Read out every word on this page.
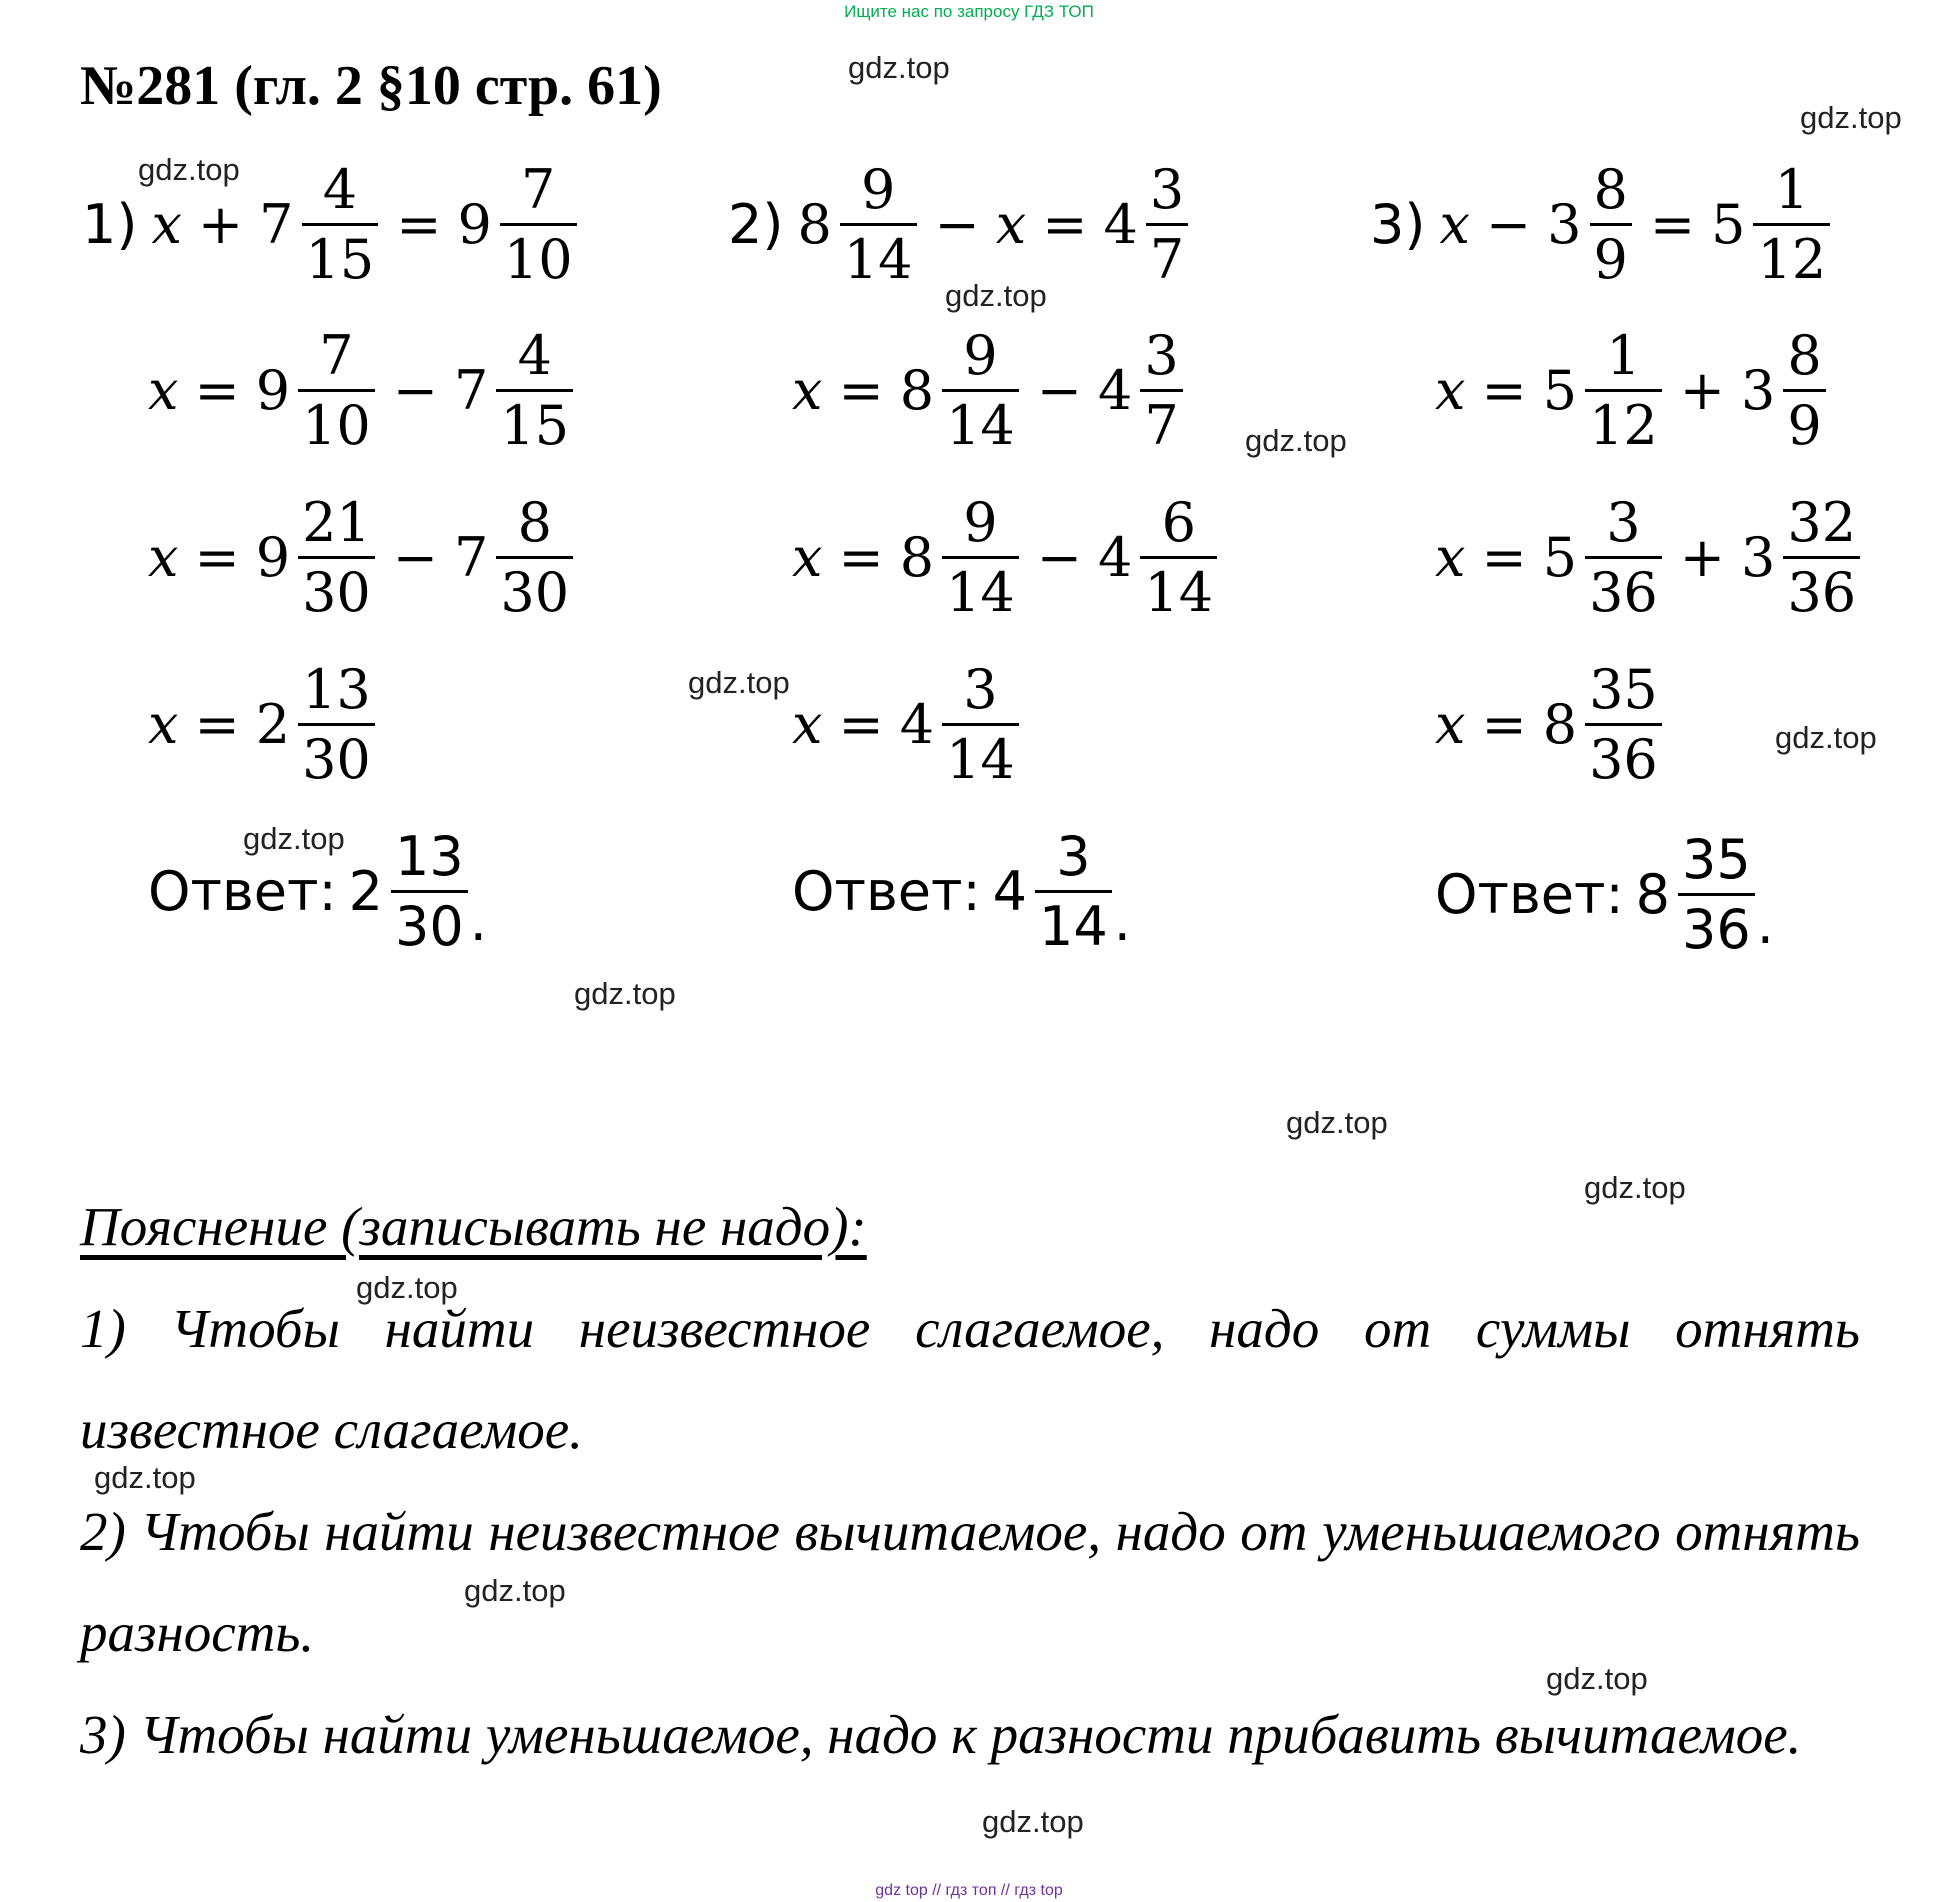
Ищите нас по запросу ГДЗ ТОП
№281 (гл. 2 §10 стр. 61)	gdz.top
gdz.top
gdz.top
gdz.top
gdz.top
gdz.top
gdz.top
gdz.top
gdz.top
gdz.top
gdz.top
gdz.top
gdz.top
gdz.top
gdz.top
gdz.top
1) $x + 7 \frac{4}{15} = 9 \frac{7}{10}$
$x = 9 \frac{7}{10} - 7 \frac{4}{15}$
$x = 9 \frac{21}{30} - 7 \frac{8}{30}$
$x = 2 \frac{13}{30}$
Ответ: $2 \frac{13}{30}$ .
2) $8 \frac{9}{14} - x = 4 \frac{3}{7}$
$x = 8 \frac{9}{14} - 4 \frac{3}{7}$
$x = 8 \frac{9}{14} - 4 \frac{6}{14}$
$x = 4 \frac{3}{14}$
Ответ: $4 \frac{3}{14}$ .
3) $x - 3 \frac{8}{9} = 5 \frac{1}{12}$
$x = 5 \frac{1}{12} + 3 \frac{8}{9}$
$x = 5 \frac{3}{36} + 3 \frac{32}{36}$
$x = 8 \frac{35}{36}$
Ответ: $8 \frac{35}{36}$ .
Пояснение (записывать не надо):
1) Чтобы найти неизвестное слагаемое, надо от суммы отнять известное слагаемое.
2) Чтобы найти неизвестное вычитаемое, надо от уменьшаемого отнять разность.
3) Чтобы найти уменьшаемое, надо к разности прибавить вычитаемое.
gdz top // гдз топ // гдз top
